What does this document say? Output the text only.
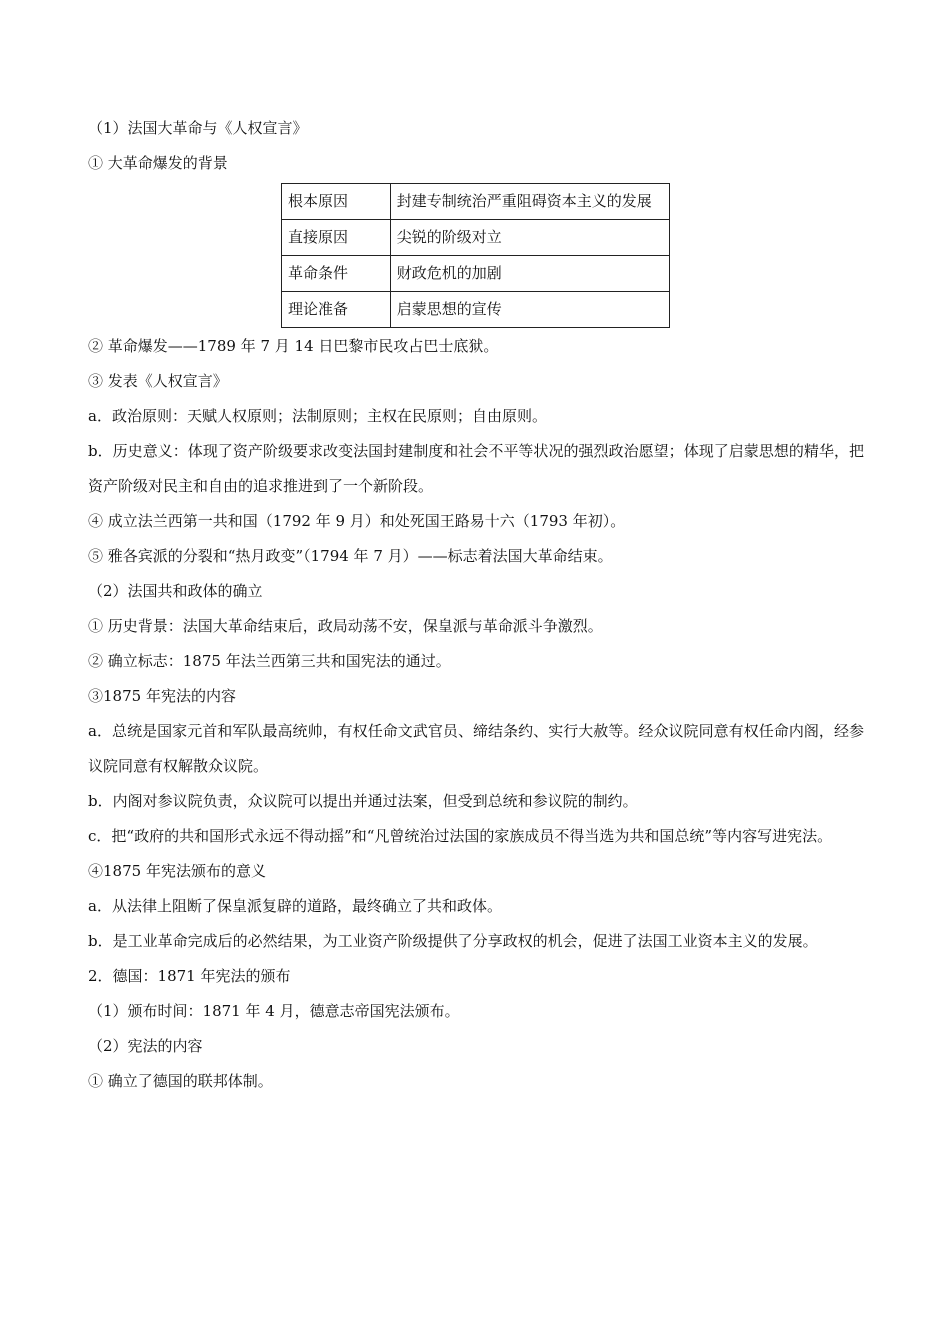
（1）法国大革命与《人权宣言》
① 大革命爆发的背景
根本原因	封建专制统治严重阻碍资本主义的发展
直接原因	尖锐的阶级对立
革命条件	财政危机的加剧
理论准备	启蒙思想的宣传
② 革命爆发——1789 年 7 月 14 日巴黎市民攻占巴士底狱。
③ 发表《人权宣言》
a．政治原则：天赋人权原则；法制原则；主权在民原则；自由原则。
b．历史意义：体现了资产阶级要求改变法国封建制度和社会不平等状况的强烈政治愿望；体现了启蒙思想的精华，把资产阶级对民主和自由的追求推进到了一个新阶段。
④ 成立法兰西第一共和国（1792 年 9 月）和处死国王路易十六（1793 年初）。
⑤ 雅各宾派的分裂和“热月政变”（1794 年 7 月）——标志着法国大革命结束。
（2）法国共和政体的确立
① 历史背景：法国大革命结束后，政局动荡不安，保皇派与革命派斗争激烈。
② 确立标志：1875 年法兰西第三共和国宪法的通过。
③1875 年宪法的内容
a．总统是国家元首和军队最高统帅，有权任命文武官员、缔结条约、实行大赦等。经众议院同意有权任命内阁，经参议院同意有权解散众议院。
b．内阁对参议院负责，众议院可以提出并通过法案，但受到总统和参议院的制约。
c．把“政府的共和国形式永远不得动摇”和“凡曾统治过法国的家族成员不得当选为共和国总统”等内容写进宪法。
④1875 年宪法颁布的意义
a．从法律上阻断了保皇派复辟的道路，最终确立了共和政体。
b．是工业革命完成后的必然结果，为工业资产阶级提供了分享政权的机会，促进了法国工业资本主义的发展。
2．德国：1871 年宪法的颁布
（1）颁布时间：1871 年 4 月，德意志帝国宪法颁布。
（2）宪法的内容
① 确立了德国的联邦体制。
